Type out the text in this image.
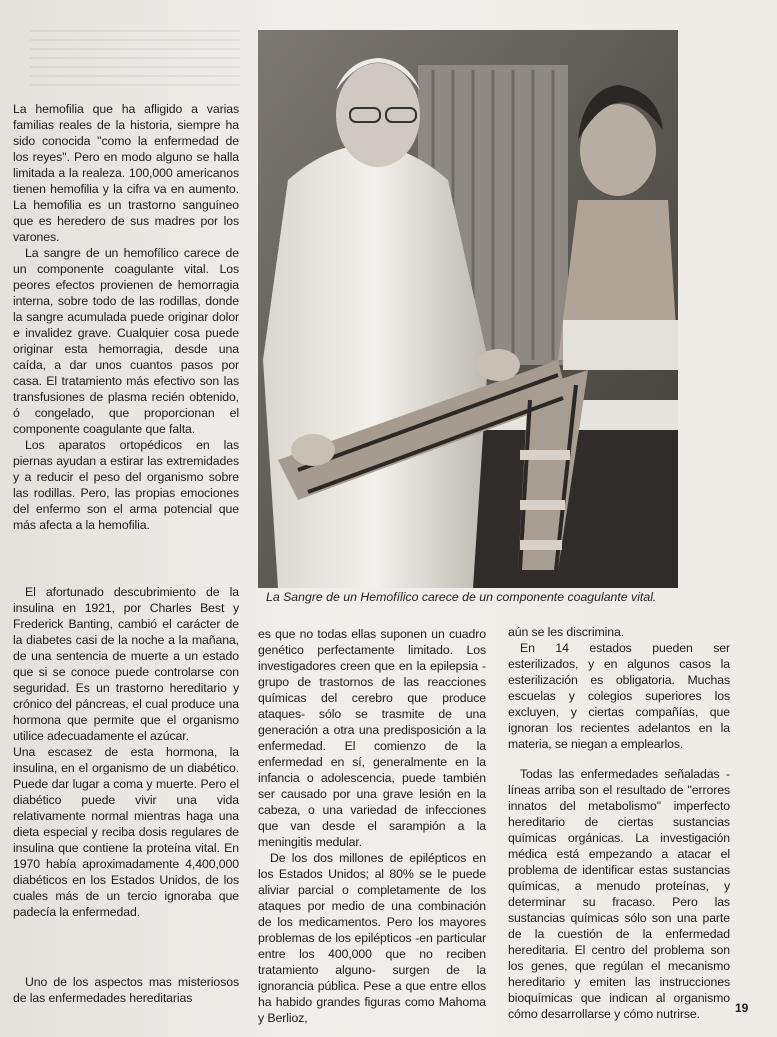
La hemofilia que ha afligido a varias familias reales de la historia, siempre ha sido conocida "como la enfermedad de los reyes". Pero en modo alguno se halla limitada a la realeza. 100,000 americanos tienen hemofilia y la cifra va en aumento. La hemofilia es un trastorno sanguíneo que es heredero de sus madres por los varones.

La sangre de un hemofílico carece de un componente coagulante vital. Los peores efectos provienen de hemorragia interna, sobre todo de las rodillas, donde la sangre acumulada puede originar dolor e invalidez grave. Cualquier cosa puede originar esta hemorragia, desde una caída, a dar unos cuantos pasos por casa. El tratamiento más efectivo son las transfusiones de plasma recién obtenido, ó congelado, que proporcionan el componente coagulante que falta.

Los aparatos ortopédicos en las piernas ayudan a estirar las extremidades y a reducir el peso del organismo sobre las rodillas. Pero, las propias emociones del enfermo son el arma potencial que más afecta a la hemofilia.

El afortunado descubrimiento de la insulina en 1921, por Charles Best y Frederick Banting, cambió el carácter de la diabetes casi de la noche a la mañana, de una sentencia de muerte a un estado que si se conoce puede controlarse con seguridad. Es un trastorno hereditario y crónico del páncreas, el cual produce una hormona que permite que el organismo utilice adecuadamente el azúcar.

Una escasez de esta hormona, la insulina, en el organismo de un diabético. Puede dar lugar a coma y muerte. Pero el diabético puede vivir una vida relativamente normal mientras haga una dieta especial y reciba dosis regulares de insulina que contiene la proteína vital. En 1970 había aproximadamente 4,400,000 diabéticos en los Estados Unidos, de los cuales más de un tercio ignoraba que padecía la enfermedad.

Uno de los aspectos mas misteriosos de las enfermedades hereditarias

La Sangre de un Hemofílico carece de un componente coagulante vital.

es que no todas ellas suponen un cuadro genético perfectamente limitado. Los investigadores creen que en la epilepsia -grupo de trastornos de las reacciones químicas del cerebro que produce ataques- sólo se trasmite de una generación a otra una predisposición a la enfermedad. El comienzo de la enfermedad en sí, generalmente en la infancia o adolescencia, puede también ser causado por una grave lesión en la cabeza, o una variedad de infecciones que van desde el sarampión a la meningitis medular.

De los dos millones de epilépticos en los Estados Unidos; al 80% se le puede aliviar parcial o completamente de los ataques por medio de una combinación de los medicamentos. Pero los mayores problemas de los epilépticos -en particular entre los 400,000 que no reciben tratamiento alguno- surgen de la ignorancia pública. Pese a que entre ellos ha habido grandes figuras como Mahoma y Berlioz,

aún se les discrimina.

En 14 estados pueden ser esterilizados, y en algunos casos la esterilización es obligatoria. Muchas escuelas y colegios superiores los excluyen, y ciertas compañías, que ignoran los recientes adelantos en la materia, se niegan a emplearlos.

Todas las enfermedades señaladas -líneas arriba son el resultado de "errores innatos del metabolismo" imperfecto hereditario de ciertas sustancias químicas orgánicas. La investigación médica está empezando a atacar el problema de identificar estas sustancias químicas, a menudo proteínas, y determinar su fracaso. Pero las sustancias químicas sólo son una parte de la cuestión de la enfermedad hereditaria. El centro del problema son los genes, que regúlan el mecanismo hereditario y emiten las instrucciones bioquímicas que indican al organismo cómo desarrollarse y cómo nutrirse.	19
